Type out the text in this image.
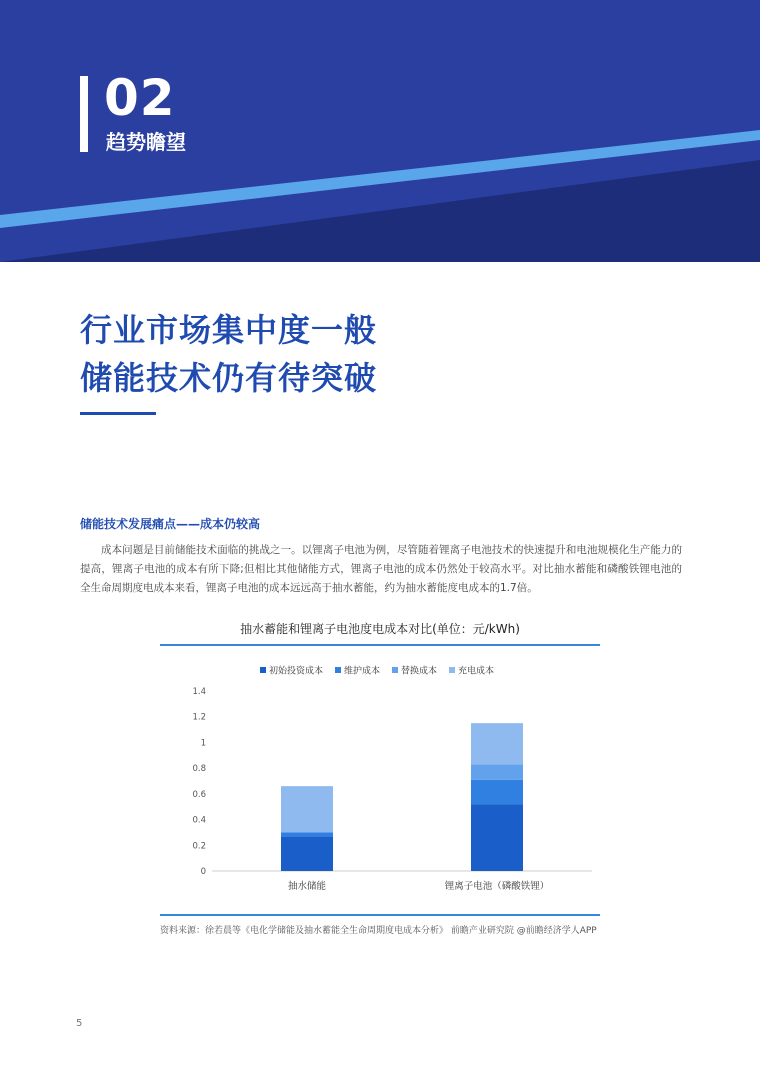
02
趋势瞻望
行业市场集中度一般
储能技术仍有待突破
储能技术发展痛点——成本仍较高
成本问题是目前储能技术面临的挑战之一。以锂离子电池为例，尽管随着锂离子电池技术的快速提升和电池规模化生产能力的提高，锂离子电池的成本有所下降;但相比其他储能方式，锂离子电池的成本仍然处于较高水平。对比抽水蓄能和磷酸铁锂电池的全生命周期度电成本来看，锂离子电池的成本远远高于抽水蓄能，约为抽水蓄能度电成本的1.7倍。
抽水蓄能和锂离子电池度电成本对比(单位：元/kWh)
初始投资成本 维护成本 替换成本 充电成本
0
0.2
0.4
0.6
0.8
1
1.2
1.4
抽水储能	锂离子电池（磷酸铁锂）
资料来源：徐若晨等《电化学储能及抽水蓄能全生命周期度电成本分析》 前瞻产业研究院 @前瞻经济学人APP
5
